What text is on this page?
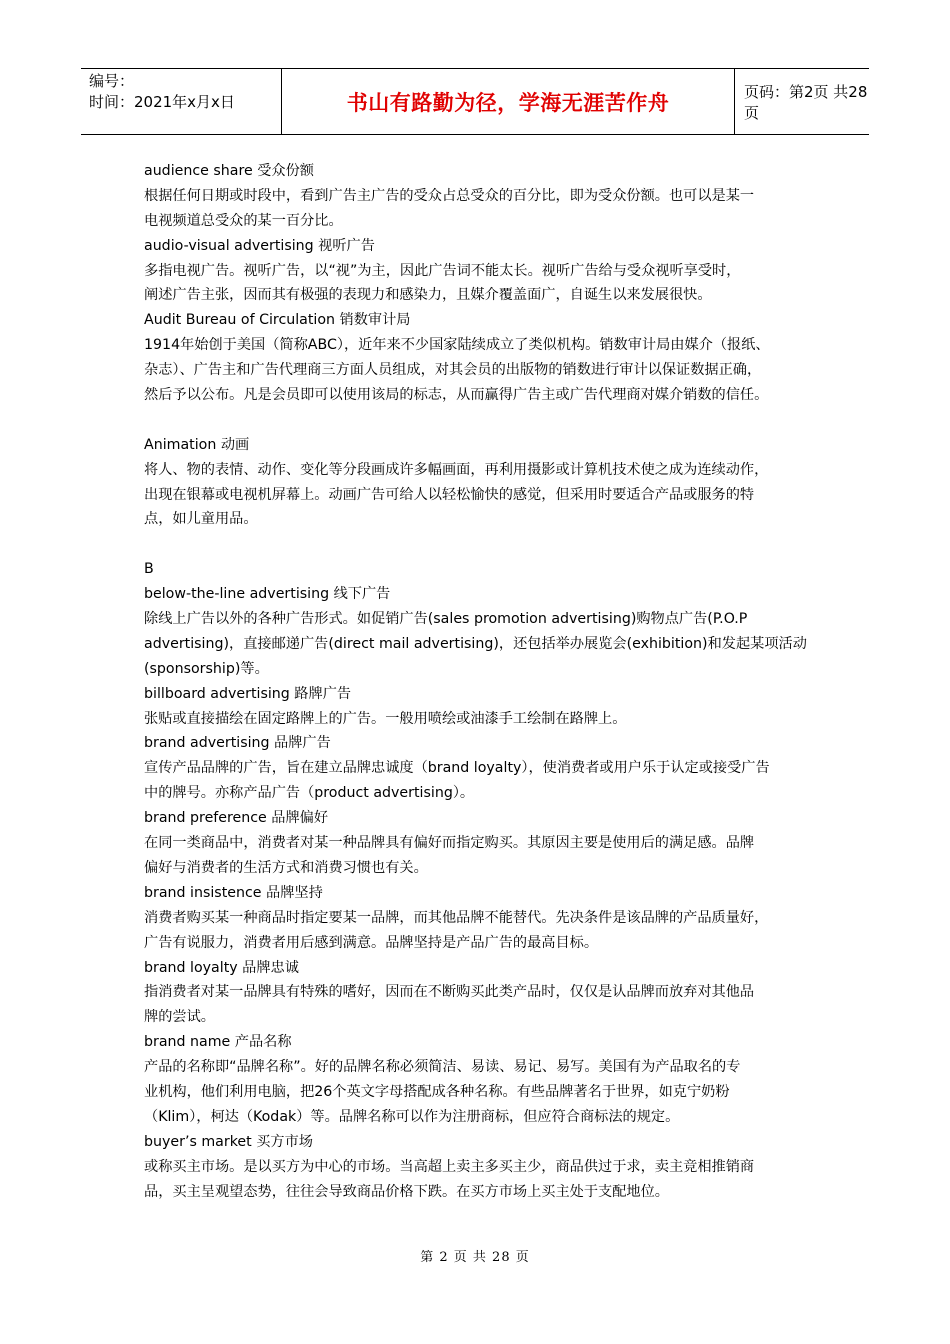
编号：
时间：2021年x月x日	书山有路勤为径，学海无涯苦作舟	页码：第2页 共28页
audience share 受众份额
根据任何日期或时段中，看到广告主广告的受众占总受众的百分比，即为受众份额。也可以是某一
电视频道总受众的某一百分比。
audio-visual advertising 视听广告
多指电视广告。视听广告，以“视”为主，因此广告词不能太长。视听广告给与受众视听享受时，
阐述广告主张，因而其有极强的表现力和感染力，且媒介覆盖面广，自诞生以来发展很快。
Audit Bureau of Circulation 销数审计局
1914年始创于美国（简称ABC），近年来不少国家陆续成立了类似机构。销数审计局由媒介（报纸、
杂志）、广告主和广告代理商三方面人员组成，对其会员的出版物的销数进行审计以保证数据正确，
然后予以公布。凡是会员即可以使用该局的标志，从而赢得广告主或广告代理商对媒介销数的信任。
Animation 动画
将人、物的表情、动作、变化等分段画成许多幅画面，再利用摄影或计算机技术使之成为连续动作，
出现在银幕或电视机屏幕上。动画广告可给人以轻松愉快的感觉，但采用时要适合产品或服务的特
点，如儿童用品。
B
below-the-line advertising 线下广告
除线上广告以外的各种广告形式。如促销广告(sales promotion advertising)购物点广告(P.O.P
advertising)，直接邮递广告(direct mail advertising)，还包括举办展览会(exhibition)和发起某项活动
(sponsorship)等。
billboard advertising 路牌广告
张贴或直接描绘在固定路牌上的广告。一般用喷绘或油漆手工绘制在路牌上。
brand advertising 品牌广告
宣传产品品牌的广告，旨在建立品牌忠诚度（brand loyalty），使消费者或用户乐于认定或接受广告
中的牌号。亦称产品广告（product advertising）。
brand preference 品牌偏好
在同一类商品中，消费者对某一种品牌具有偏好而指定购买。其原因主要是使用后的满足感。品牌
偏好与消费者的生活方式和消费习惯也有关。
brand insistence 品牌坚持
消费者购买某一种商品时指定要某一品牌，而其他品牌不能替代。先决条件是该品牌的产品质量好，
广告有说服力，消费者用后感到满意。品牌坚持是产品广告的最高目标。
brand loyalty 品牌忠诚
指消费者对某一品牌具有特殊的嗜好，因而在不断购买此类产品时，仅仅是认品牌而放弃对其他品
牌的尝试。
brand name 产品名称
产品的名称即“品牌名称”。好的品牌名称必须简洁、易读、易记、易写。美国有为产品取名的专
业机构，他们利用电脑，把26个英文字母搭配成各种名称。有些品牌著名于世界，如克宁奶粉
（Klim），柯达（Kodak）等。品牌名称可以作为注册商标，但应符合商标法的规定。
buyer’s market 买方市场
或称买主市场。是以买方为中心的市场。当高超上卖主多买主少，商品供过于求，卖主竞相推销商
品，买主呈观望态势，往往会导致商品价格下跌。在买方市场上买主处于支配地位。
第 2 页 共 28 页
